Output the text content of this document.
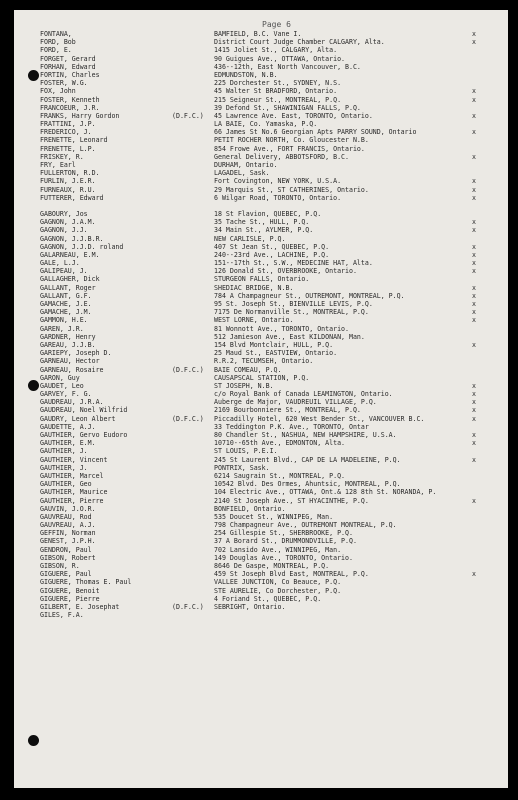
Page 6
FONTANA,	BAMFIELD, B.C. Vane I.	x
FORD, Bob	District Court Judge Chamber CALGARY, Alta.	x
FORD, E.	1415 Joliet St., CALGARY, Alta.
FORGET, Gerard	90 Guigues Ave., OTTAWA, Ontario.
FORHAN, Edward	436--12th, East North Vancouver, B.C.
FORTIN, Charles	EDMUNDSTON, N.B.
FOSTER, W.G.	225 Dorchester St., SYDNEY, N.S.
FOX, John	45 Walter St BRADFORD, Ontario.	x
FOSTER, Kenneth	215 Seigneur St., MONTREAL, P.Q.	x
FRANCOEUR, J.R.	39 Defond St., SHAWINIGAN FALLS, P.Q.
FRANKS, Harry Gordon	(D.F.C.) 45 Lawrence Ave. East, TORONTO, Ontario.	x
FRATTINI, J.P.	LA BAIE, Co. Yamaska, P.Q.
FREDERICO, J.	66 James St No.6 Georgian Apts PARRY SOUND, Ontario	x
FRENETTE, Leonard	PETIT ROCHER NORTH, Co. Gloucester N.B.
FRENETTE, L.P.	854 Frowe Ave., FORT FRANCIS, Ontario.
FRISKEY, R.	General Delivery, ABBOTSFORD, B.C.	x
FRY, Earl	DURHAM, Ontario.
FULLERTON, R.D.	LAGADEL, Sask.
FURLIN, J.E.R.	Fort Covington, NEW YORK, U.S.A.	x
FURNEAUX, R.U.	29 Marquis St., ST CATHERINES, Ontario.	x
FUTTERER, Edward	6 Wilgar Road, TORONTO, Ontario.	x
GABOURY, Jos	18 St Flavion, QUEBEC, P.Q.
GAGNON, J.A.M.	35 Tache St., HULL, P.Q.	x
GAGNON, J.J.	34 Main St., AYLMER, P.Q.	x
GAGNON, J.J.B.R.	NEW CARLISLE, P.Q.
GAGNON, J.J.D. roland	407 St Jean St., QUEBEC, P.Q.	x
GALARNEAU, E.M.	240--23rd Ave., LACHINE, P.Q.	x
GALE, L.J.	151--17th St., S.W., MEDECINE HAT, Alta.	x
GALIPEAU, J.	126 Donald St., OVERBROOKE, Ontario.	x
GALLAGHER, Dick	STURGEON FALLS, Ontario.
GALLANT, Roger	SHEDIAC BRIDGE, N.B.	x
GALLANT, G.F.	784 A Champagneur St., OUTREMONT, MONTREAL, P.Q.	x
GAMACHE, J.E.	95 St. Joseph St., BIENVILLE LEVIS, P.Q.	x
GAMACHE, J.M.	7175 De Normanville St., MONTREAL, P.Q.	x
GAMMON, H.E.	WEST LORNE, Ontario.	x
GAREN, J.R.	81 Wonnott Ave., TORONTO, Ontario.
GARDNER, Henry	512 Jamieson Ave., East KILDONAN, Man.
GAREAU, J.J.B.	154 Blvd Montclair, HULL, P.Q.	x
GARIEPY, Joseph D.	25 Maud St., EASTVIEW, Ontario.
GARNEAU, Hector	R.R.2, TECUMSEH, Ontario.
GARNEAU, Rosaire	(D.F.C.) BAIE COMEAU, P.Q.
GARON, Guy	CAUSAPSCAL STATION, P.Q.
GAUDET, Leo	ST JOSEPH, N.B.	x
GARVEY, F. G.	c/o Royal Bank of Canada LEAMINGTON, Ontario.	x
GAUDREAU, J.R.A.	Auberge de Major, VAUDREUIL VILLAGE, P.Q.	x
GAUDREAU, Noel Wilfrid	2169 Bourbonniere St., MONTREAL, P.Q.	x
GAUDRY, Leon Albert	(D.F.C.) Piccadilly Hotel, 620 West Bender St., VANCOUVER B.C.	x
GAUDETTE, A.J.	33 Teddington P.K. Ave., TORONTO, Ontar
GAUTHIER, Gervo Eudoro	80 Chandler St., NASHUA, NEW HAMPSHIRE, U.S.A.	x
GAUTHIER, E.M.	10710--65th Ave., EDMONTON, Alta.	x
GAUTHIER, J.	ST LOUIS, P.E.I.
GAUTHIER, Vincent	245 St Laurent Blvd., CAP DE LA MADELEINE, P.Q.	x
GAUTHIER, J.	PONTRIX, Sask.
GAUTHIER, Marcel	6214 Saugrain St., MONTREAL, P.Q.
GAUTHIER, Geo	10542 Blvd. Des Ormes, Ahuntsic, MONTREAL, P.Q.
GAUTHIER, Maurice	104 Electric Ave., OTTAWA, Ont.& 128 8th St. NORANDA, P.
GAUTHIER, Pierre	2140 St Joseph Ave., ST HYACINTHE, P.Q.	x
GAUVIN, J.O.R.	BONFIELD, Ontario.
GAUVREAU, Rod	535 Doucet St., WINNIPEG, Man.
GAUVREAU, A.J.	798 Champagneur Ave., OUTREMONT MONTREAL, P.Q.
GEFFIN, Norman	254 Gillespie St., SHERBROOKE, P.Q.
GENEST, J.P.H.	37 A Borard St., DRUMMONDVILLE, P.Q.
GENDRON, Paul	702 Lansido Ave., WINNIPEG, Man.
GIBSON, Robert	149 Douglas Ave., TORONTO, Ontario.
GIBSON, R.	8646 De Gaspe, MONTREAL, P.Q.
GIGUERE, Paul	459 St Joseph Blvd East, MONTREAL, P.Q.	x
GIGUERE, Thomas E. Paul	VALLEE JUNCTION, Co Beauce, P.Q.
GIGUERE, Benoit	STE AURELIE, Co Dorchester, P.Q.
GIGUERE, Pierre	4 Foriand St., QUEBEC, P.Q.
GILBERT, E. Josephat	(D.F.C.) SEBRIGHT, Ontario.
GILES, F.A.
